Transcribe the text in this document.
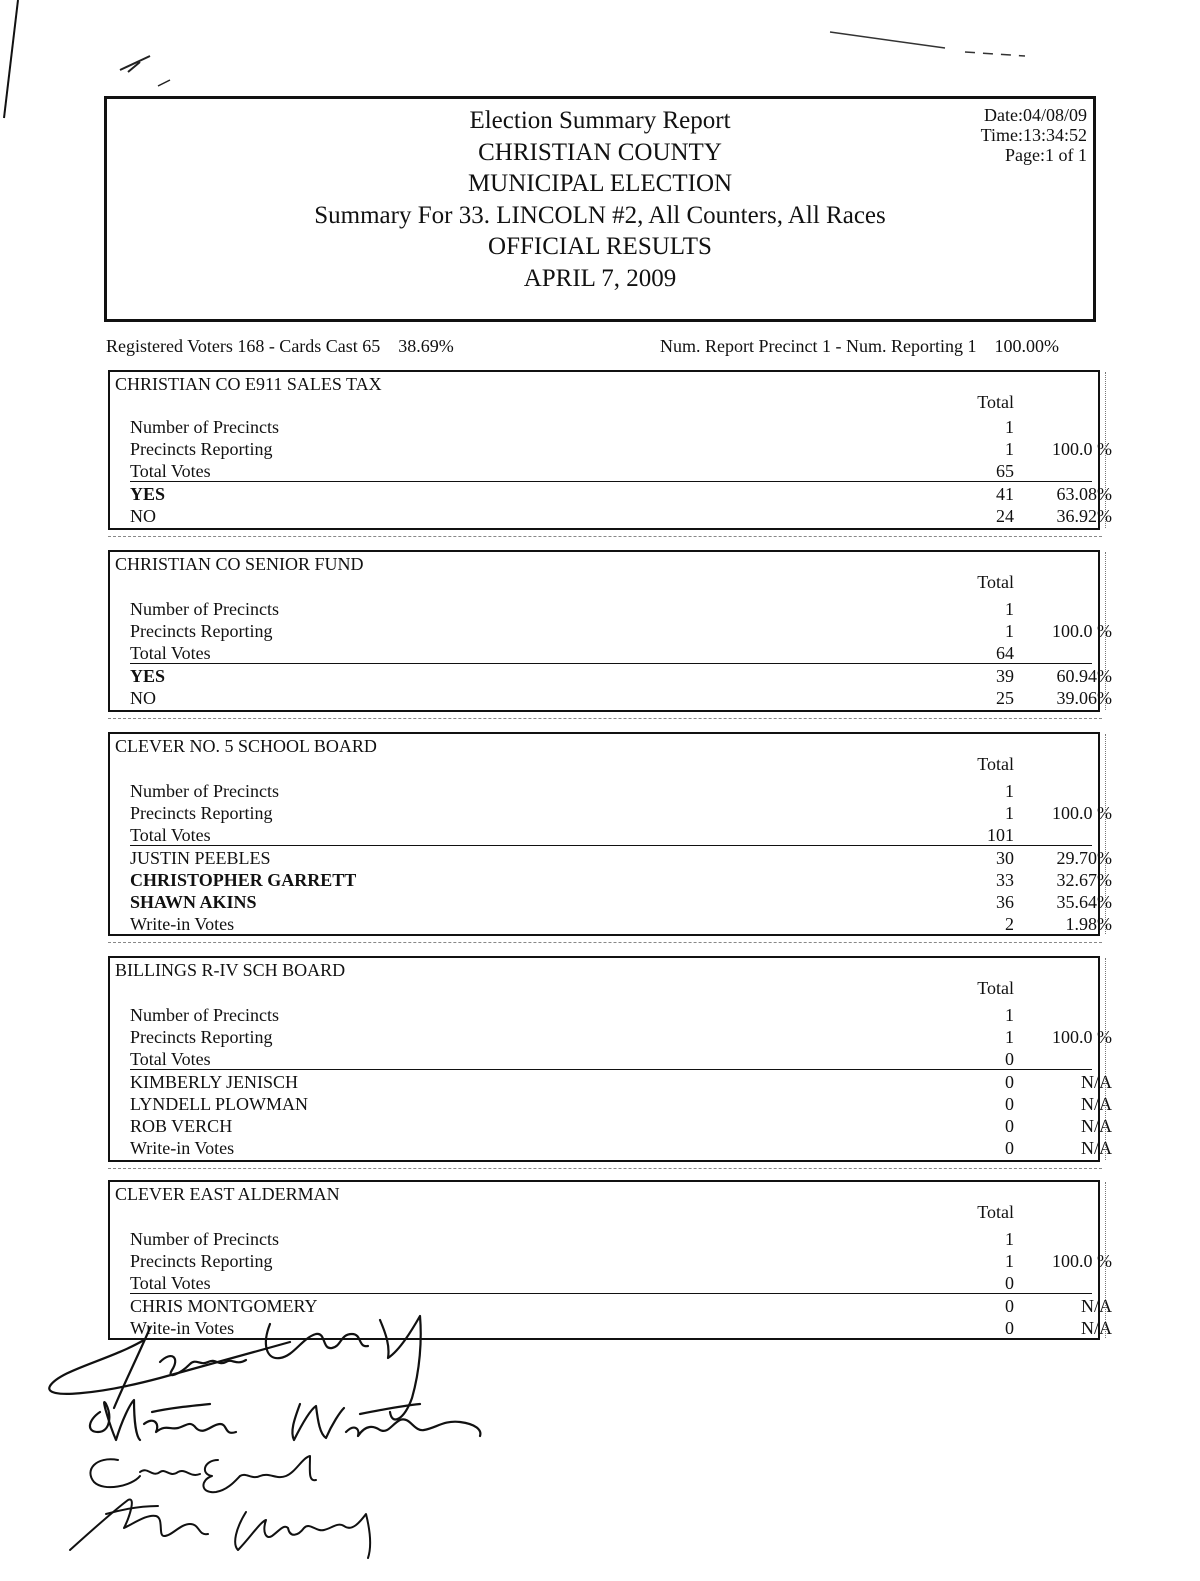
Election Summary Report
CHRISTIAN COUNTY
MUNICIPAL ELECTION
Summary For 33. LINCOLN #2, All Counters, All Races
OFFICIAL RESULTS
APRIL 7, 2009
Date:04/08/09
Time:13:34:52
Page:1 of 1
Registered Voters 168 - Cards Cast 65    38.69%	Num. Report Precinct 1 - Num. Reporting 1    100.00%
CHRISTIAN CO E911 SALES TAX
Total
Number of Precincts	1
Precincts Reporting	1	100.0 %
Total Votes	65
YES	41	63.08%
NO	24	36.92%
CHRISTIAN CO SENIOR FUND
Total
Number of Precincts	1
Precincts Reporting	1	100.0 %
Total Votes	64
YES	39	60.94%
NO	25	39.06%
CLEVER NO. 5 SCHOOL BOARD
Total
Number of Precincts	1
Precincts Reporting	1	100.0 %
Total Votes	101
JUSTIN PEEBLES	30	29.70%
CHRISTOPHER GARRETT	33	32.67%
SHAWN AKINS	36	35.64%
Write-in Votes	2	1.98%
BILLINGS R-IV SCH BOARD
Total
Number of Precincts	1
Precincts Reporting	1	100.0 %
Total Votes	0
KIMBERLY JENISCH	0	N/A
LYNDELL PLOWMAN	0	N/A
ROB VERCH	0	N/A
Write-in Votes	0	N/A
CLEVER EAST ALDERMAN
Total
Number of Precincts	1
Precincts Reporting	1	100.0 %
Total Votes	0
CHRIS MONTGOMERY	0	N/A
Write-in Votes	0	N/A
